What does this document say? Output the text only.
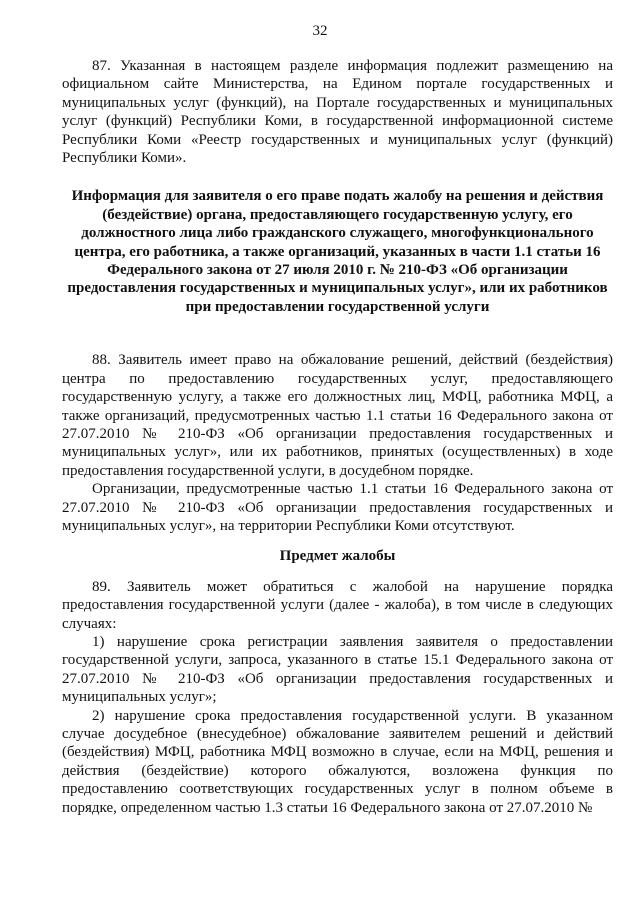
32

87. Указанная в настоящем разделе информация подлежит размещению на официальном сайте Министерства, на Едином портале государственных и муниципальных услуг (функций), на Портале государственных и муниципальных услуг (функций) Республики Коми, в государственной информационной системе Республики Коми «Реестр государственных и муниципальных услуг (функций) Республики Коми».

Информация для заявителя о его праве подать жалобу на решения и действия (бездействие) органа, предоставляющего государственную услугу, его должностного лица либо гражданского служащего, многофункционального центра, его работника, а также организаций, указанных в части 1.1 статьи 16 Федерального закона от 27 июля 2010 г. № 210-ФЗ «Об организации предоставления государственных и муниципальных услуг», или их работников при предоставлении государственной услуги

88. Заявитель имеет право на обжалование решений, действий (бездействия) центра по предоставлению государственных услуг, предоставляющего государственную услугу, а также его должностных лиц, МФЦ, работника МФЦ, а также организаций, предусмотренных частью 1.1 статьи 16 Федерального закона от 27.07.2010 № 210-ФЗ «Об организации предоставления государственных и муниципальных услуг», или их работников, принятых (осуществленных) в ходе предоставления государственной услуги, в досудебном порядке.

Организации, предусмотренные частью 1.1 статьи 16 Федерального закона от 27.07.2010 № 210-ФЗ «Об организации предоставления государственных и муниципальных услуг», на территории Республики Коми отсутствуют.

Предмет жалобы

89. Заявитель может обратиться с жалобой на нарушение порядка предоставления государственной услуги (далее - жалоба), в том числе в следующих случаях:

1) нарушение срока регистрации заявления заявителя о предоставлении государственной услуги, запроса, указанного в статье 15.1 Федерального закона от 27.07.2010 № 210-ФЗ «Об организации предоставления государственных и муниципальных услуг»;

2) нарушение срока предоставления государственной услуги. В указанном случае досудебное (внесудебное) обжалование заявителем решений и действий (бездействия) МФЦ, работника МФЦ возможно в случае, если на МФЦ, решения и действия (бездействие) которого обжалуются, возложена функция по предоставлению соответствующих государственных услуг в полном объеме в порядке, определенном частью 1.3 статьи 16 Федерального закона от 27.07.2010 №
